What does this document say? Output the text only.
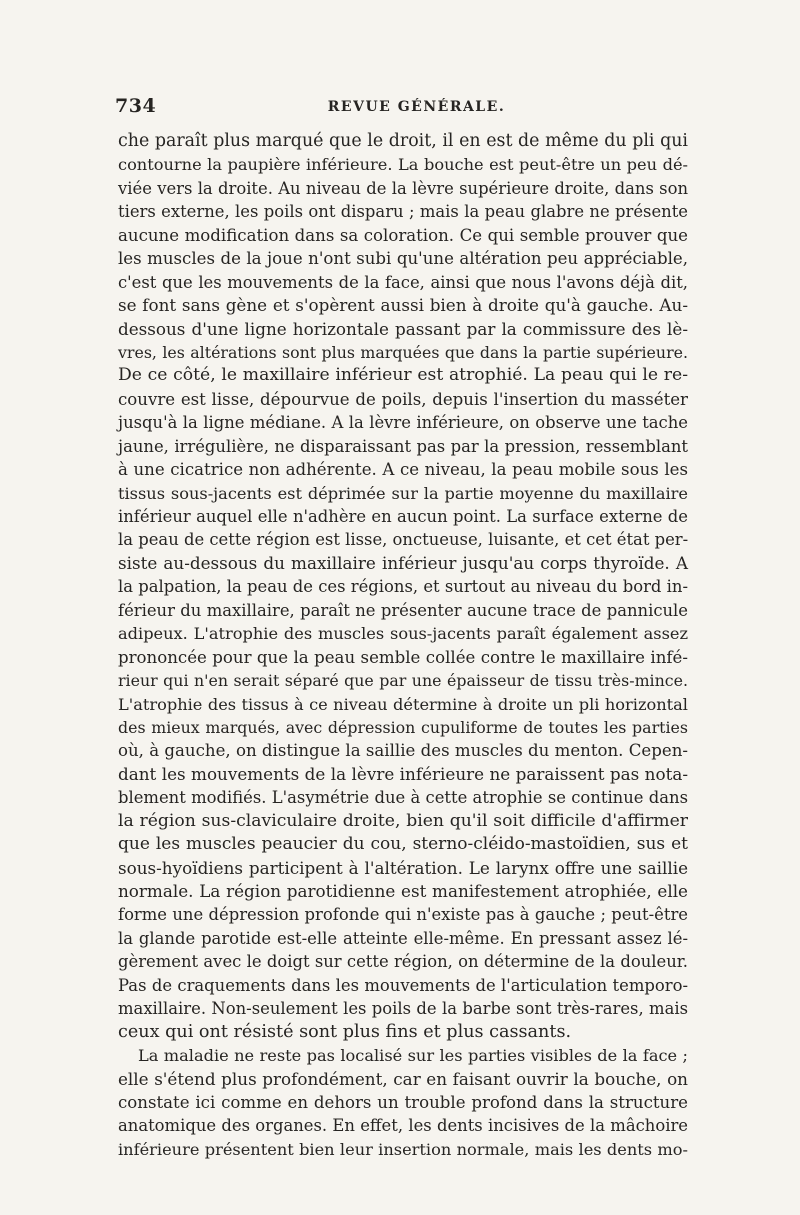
734	REVUE GÉNÉRALE.
che paraît plus marqué que le droit, il en est de même du pli qui
contourne la paupière inférieure. La bouche est peut-être un peu dé-
viée vers la droite. Au niveau de la lèvre supérieure droite, dans son
tiers externe, les poils ont disparu ; mais la peau glabre ne présente
aucune modification dans sa coloration. Ce qui semble prouver que
les muscles de la joue n'ont subi qu'une altération peu appréciable,
c'est que les mouvements de la face, ainsi que nous l'avons déjà dit,
se font sans gène et s'opèrent aussi bien à droite qu'à gauche. Au-
dessous d'une ligne horizontale passant par la commissure des lè-
vres, les altérations sont plus marquées que dans la partie supérieure.
De ce côté, le maxillaire inférieur est atrophié. La peau qui le re-
couvre est lisse, dépourvue de poils, depuis l'insertion du masséter
jusqu'à la ligne médiane. A la lèvre inférieure, on observe une tache
jaune, irrégulière, ne disparaissant pas par la pression, ressemblant
à une cicatrice non adhérente. A ce niveau, la peau mobile sous les
tissus sous-jacents est déprimée sur la partie moyenne du maxillaire
inférieur auquel elle n'adhère en aucun point. La surface externe de
la peau de cette région est lisse, onctueuse, luisante, et cet état per-
siste au-dessous du maxillaire inférieur jusqu'au corps thyroïde. A
la palpation, la peau de ces régions, et surtout au niveau du bord in-
férieur du maxillaire, paraît ne présenter aucune trace de pannicule
adipeux. L'atrophie des muscles sous-jacents paraît également assez
prononcée pour que la peau semble collée contre le maxillaire infé-
rieur qui n'en serait séparé que par une épaisseur de tissu très-mince.
L'atrophie des tissus à ce niveau détermine à droite un pli horizontal
des mieux marqués, avec dépression cupuliforme de toutes les parties
où, à gauche, on distingue la saillie des muscles du menton. Cepen-
dant les mouvements de la lèvre inférieure ne paraissent pas nota-
blement modifiés. L'asymétrie due à cette atrophie se continue dans
la région sus-claviculaire droite, bien qu'il soit difficile d'affirmer
que les muscles peaucier du cou, sterno-cléido-mastoïdien, sus et
sous-hyoïdiens participent à l'altération. Le larynx offre une saillie
normale. La région parotidienne est manifestement atrophiée, elle
forme une dépression profonde qui n'existe pas à gauche ; peut-être
la glande parotide est-elle atteinte elle-même. En pressant assez lé-
gèrement avec le doigt sur cette région, on détermine de la douleur.
Pas de craquements dans les mouvements de l'articulation temporo-
maxillaire. Non-seulement les poils de la barbe sont très-rares, mais
ceux qui ont résisté sont plus fins et plus cassants.
La maladie ne reste pas localisé sur les parties visibles de la face ;
elle s'étend plus profondément, car en faisant ouvrir la bouche, on
constate ici comme en dehors un trouble profond dans la structure
anatomique des organes. En effet, les dents incisives de la mâchoire
inférieure présentent bien leur insertion normale, mais les dents mo-
